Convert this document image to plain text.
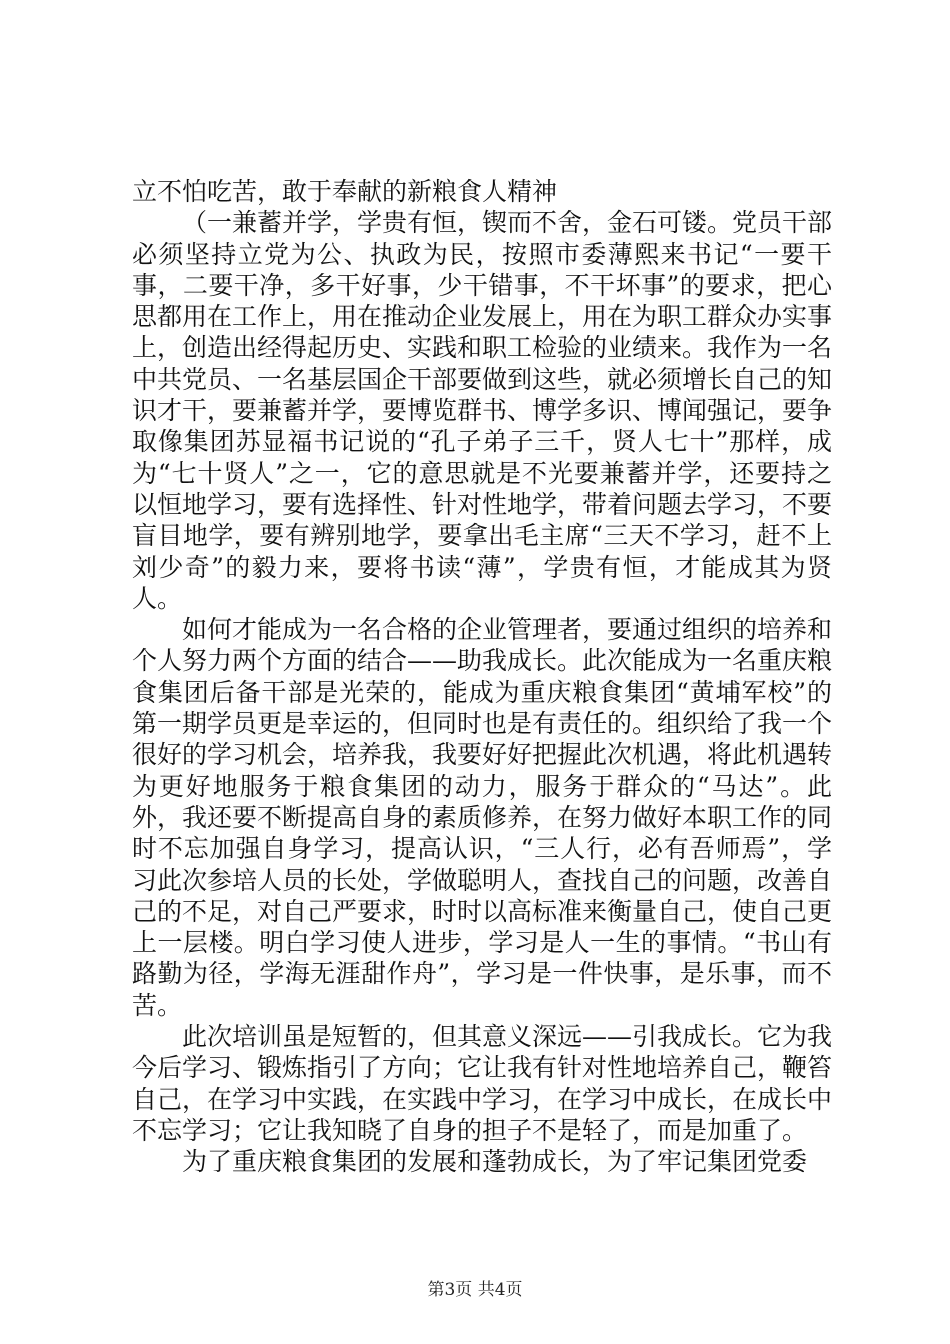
立不怕吃苦，敢于奉献的新粮食人精神

（一兼蓄并学，学贵有恒，锲而不舍，金石可镂。党员干部必须坚持立党为公、执政为民，按照市委薄熙来书记“一要干事，二要干净，多干好事，少干错事，不干坏事”的要求，把心思都用在工作上，用在推动企业发展上，用在为职工群众办实事上，创造出经得起历史、实践和职工检验的业绩来。我作为一名中共党员、一名基层国企干部要做到这些，就必须增长自己的知识才干，要兼蓄并学，要博览群书、博学多识、博闻强记，要争取像集团苏显福书记说的“孔子弟子三千，贤人七十”那样，成为“七十贤人”之一，它的意思就是不光要兼蓄并学，还要持之以恒地学习，要有选择性、针对性地学，带着问题去学习，不要盲目地学，要有辨别地学，要拿出毛主席“三天不学习，赶不上刘少奇”的毅力来，要将书读“薄”，学贵有恒，才能成其为贤人。

如何才能成为一名合格的企业管理者，要通过组织的培养和个人努力两个方面的结合——助我成长。此次能成为一名重庆粮食集团后备干部是光荣的，能成为重庆粮食集团“黄埔军校”的第一期学员更是幸运的，但同时也是有责任的。组织给了我一个很好的学习机会，培养我，我要好好把握此次机遇，将此机遇转为更好地服务于粮食集团的动力，服务于群众的“马达”。此外，我还要不断提高自身的素质修养，在努力做好本职工作的同时不忘加强自身学习，提高认识，“三人行，必有吾师焉”，学习此次参培人员的长处，学做聪明人，查找自己的问题，改善自己的不足，对自己严要求，时时以高标准来衡量自己，使自己更上一层楼。明白学习使人进步，学习是人一生的事情。“书山有路勤为径，学海无涯甜作舟”，学习是一件快事，是乐事，而不苦。

此次培训虽是短暂的，但其意义深远——引我成长。它为我今后学习、锻炼指引了方向；它让我有针对性地培养自己，鞭笞自己，在学习中实践，在实践中学习，在学习中成长，在成长中不忘学习；它让我知晓了自身的担子不是轻了，而是加重了。

为了重庆粮食集团的发展和蓬勃成长，为了牢记集团党委

第3页 共4页
